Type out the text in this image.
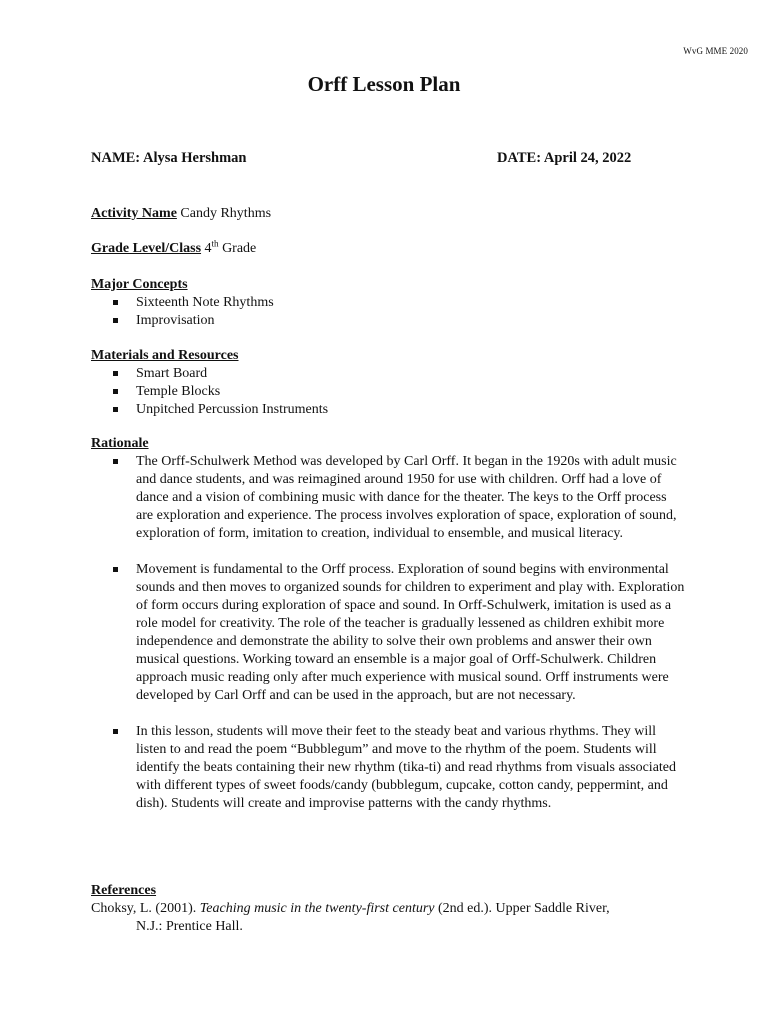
WvG MME 2020
Orff Lesson Plan
NAME: Alysa Hershman	DATE: April 24, 2022
Activity Name Candy Rhythms
Grade Level/Class 4th Grade
Major Concepts
Sixteenth Note Rhythms
Improvisation
Materials and Resources
Smart Board
Temple Blocks
Unpitched Percussion Instruments
Rationale
The Orff-Schulwerk Method was developed by Carl Orff. It began in the 1920s with adult music and dance students, and was reimagined around 1950 for use with children. Orff had a love of dance and a vision of combining music with dance for the theater. The keys to the Orff process are exploration and experience. The process involves exploration of space, exploration of sound, exploration of form, imitation to creation, individual to ensemble, and musical literacy.
Movement is fundamental to the Orff process. Exploration of sound begins with environmental sounds and then moves to organized sounds for children to experiment and play with. Exploration of form occurs during exploration of space and sound. In Orff-Schulwerk, imitation is used as a role model for creativity. The role of the teacher is gradually lessened as children exhibit more independence and demonstrate the ability to solve their own problems and answer their own musical questions. Working toward an ensemble is a major goal of Orff-Schulwerk. Children approach music reading only after much experience with musical sound. Orff instruments were developed by Carl Orff and can be used in the approach, but are not necessary.
In this lesson, students will move their feet to the steady beat and various rhythms. They will listen to and read the poem “Bubblegum” and move to the rhythm of the poem. Students will identify the beats containing their new rhythm (tika-ti) and read rhythms from visuals associated with different types of sweet foods/candy (bubblegum, cupcake, cotton candy, peppermint, and dish). Students will create and improvise patterns with the candy rhythms.
References
Choksy, L. (2001). Teaching music in the twenty-first century (2nd ed.). Upper Saddle River, N.J.: Prentice Hall.
